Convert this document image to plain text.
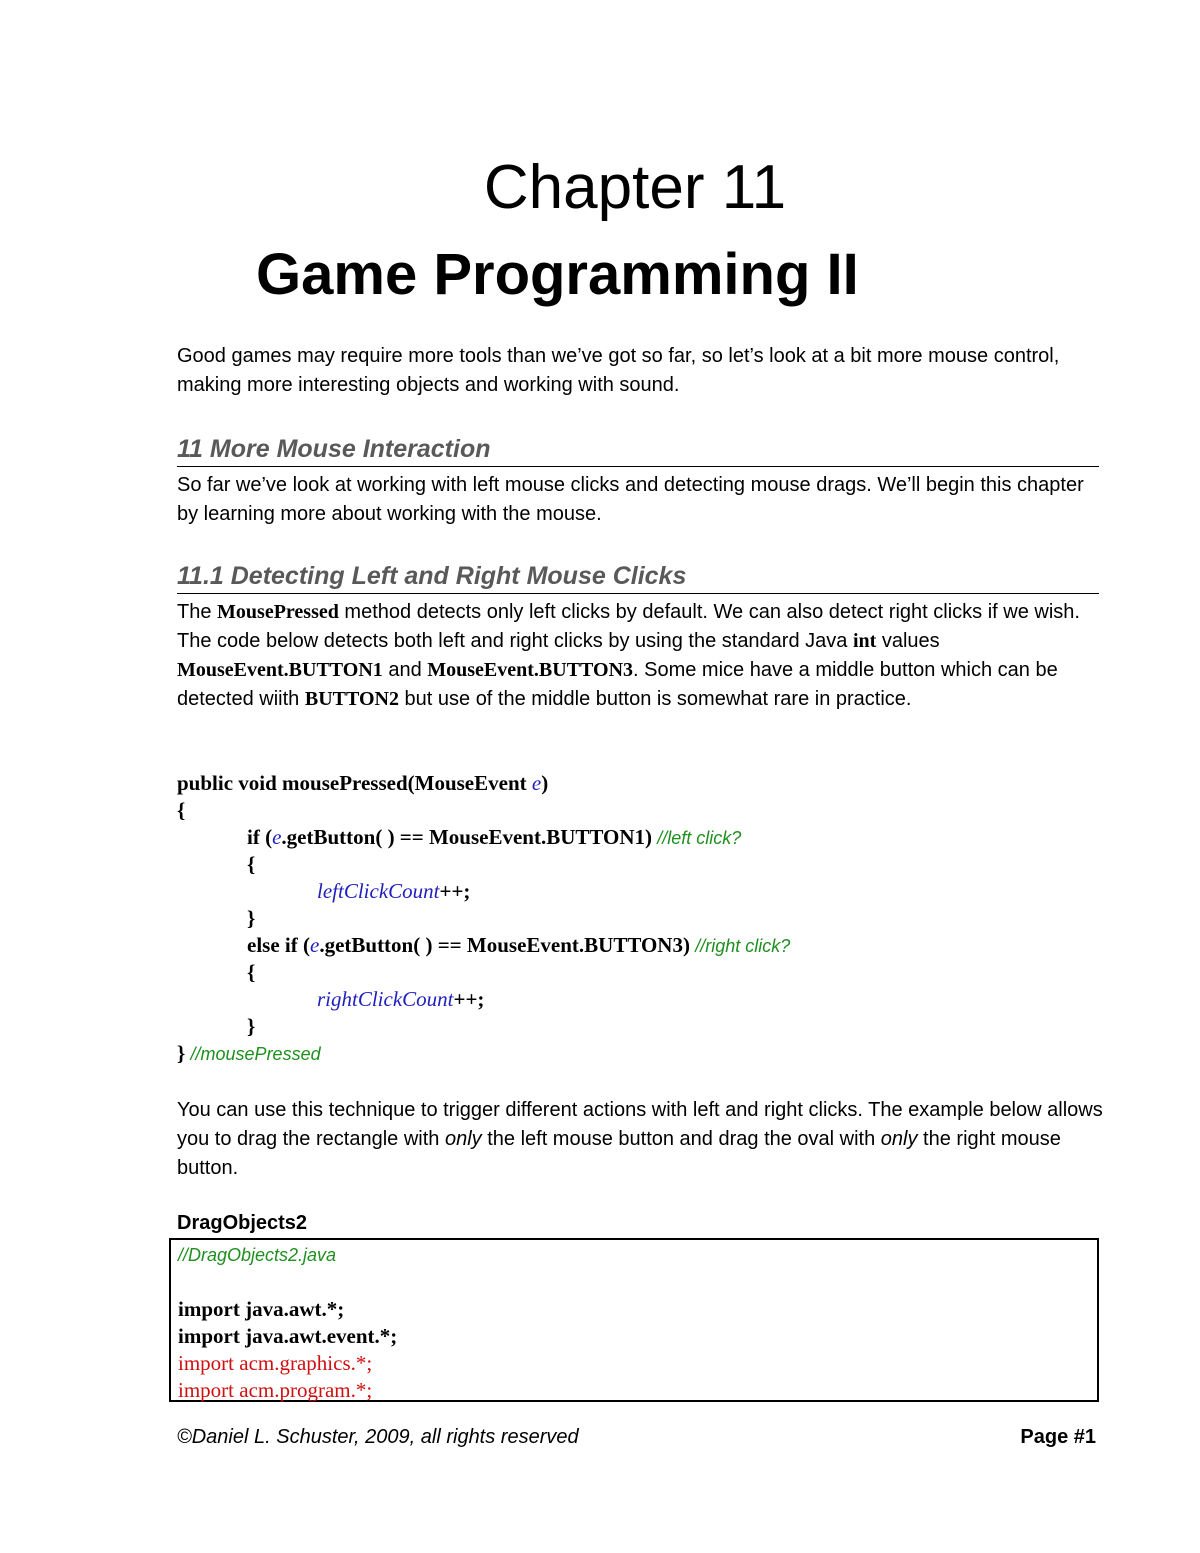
Chapter 11
Game Programming II
Good games may require more tools than we’ve got so far, so let’s look at a bit more mouse control, making more interesting objects and working with sound.
11 More Mouse Interaction
So far we’ve look at working with left mouse clicks and detecting mouse drags. We’ll begin this chapter by learning more about working with the mouse.
11.1 Detecting Left and Right Mouse Clicks
The MousePressed method detects only left clicks by default. We can also detect right clicks if we wish. The code below detects both left and right clicks by using the standard Java int values MouseEvent.BUTTON1 and MouseEvent.BUTTON3. Some mice have a middle button which can be detected wiith BUTTON2 but use of the middle button is somewhat rare in practice.
public void mousePressed(MouseEvent e)
{
if (e.getButton( ) == MouseEvent.BUTTON1) //left click?
{
leftClickCount++;
}
else if (e.getButton( ) == MouseEvent.BUTTON3) //right click?
{
rightClickCount++;
}
} //mousePressed
You can use this technique to trigger different actions with left and right clicks. The example below allows you to drag the rectangle with only the left mouse button and drag the oval with only the right mouse button.
DragObjects2
//DragObjects2.java
import java.awt.*;
import java.awt.event.*;
import acm.graphics.*;
import acm.program.*;
©Daniel L. Schuster, 2009, all rights reserved	Page #1
